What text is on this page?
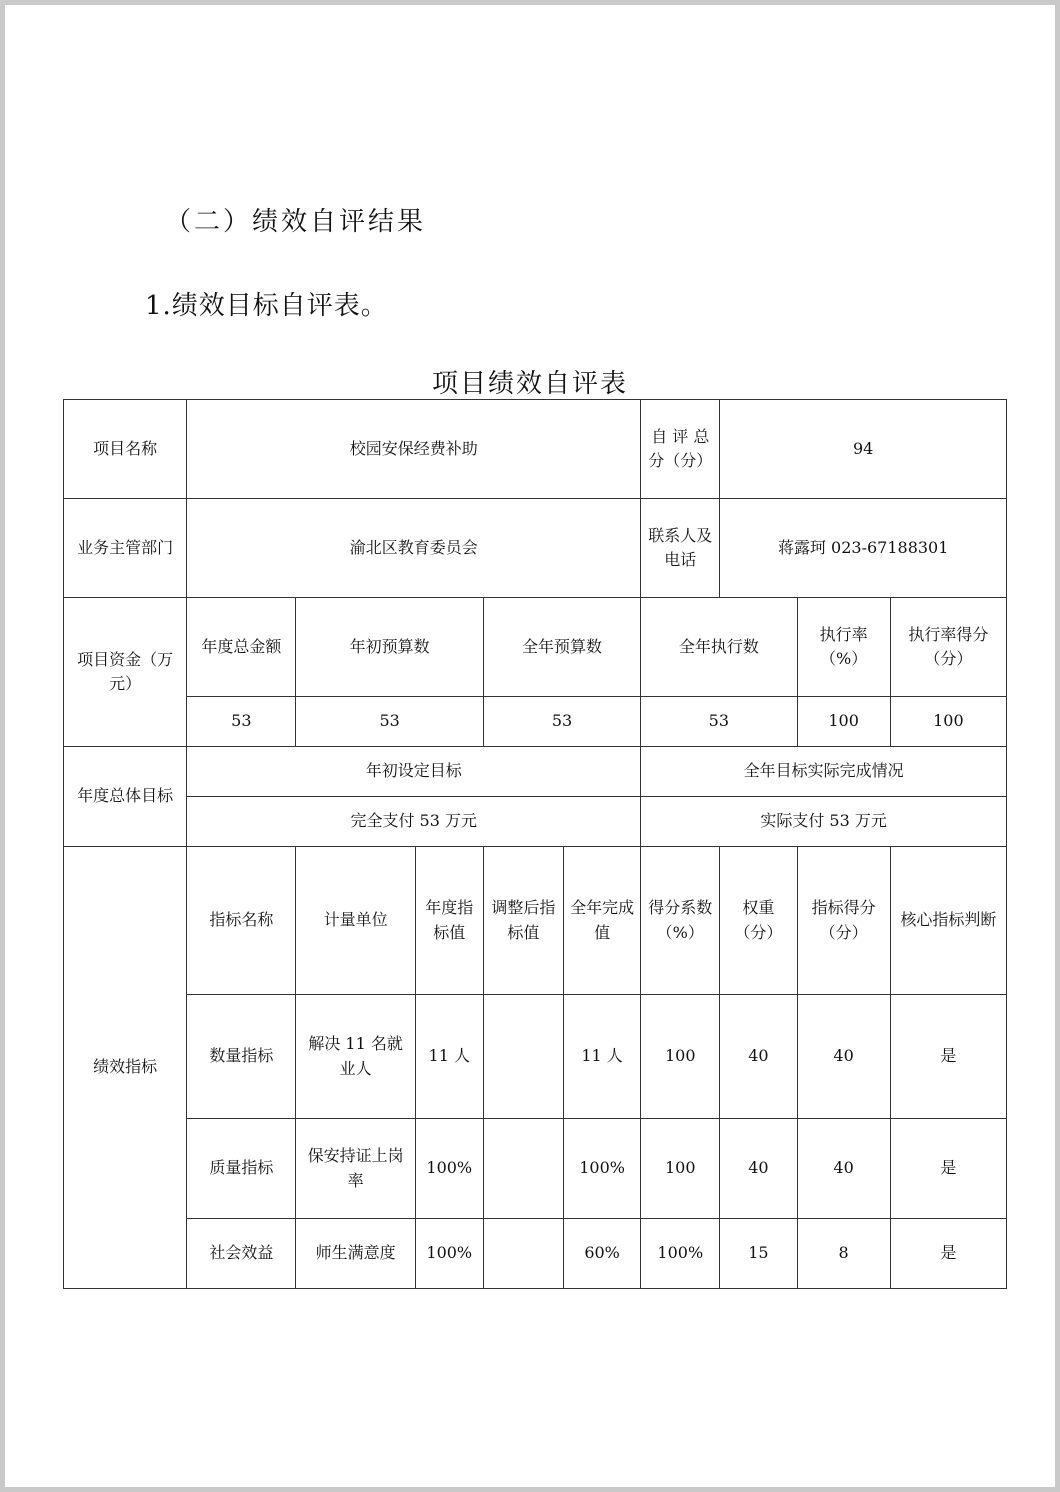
（二）绩效自评结果
1.绩效目标自评表。
项目绩效自评表
项目名称	校园安保经费补助					自 评 总 分（分）	94		
业务主管部门	渝北区教育委员会					联系人及电话	蒋露珂 023-67188301		
项目资金（万元）	年度总金额	年初预算数		全年预算数		全年执行数		执行率（%）	执行率得分（分）
	53	53		53		53		100	100
年度总体目标	年初设定目标					全年目标实际完成情况			
	完全支付 53 万元					实际支付 53 万元			
绩效指标	指标名称	计量单位	年度指标值	调整后指标值	全年完成值	得分系数（%）	权重（分）	指标得分（分）	核心指标判断
	数量指标	解决 11 名就业人	11 人		11 人	100	40	40	是
	质量指标	保安持证上岗率	100%		100%	100	40	40	是
	社会效益	师生满意度	100%		60%	100%	15	8	是
